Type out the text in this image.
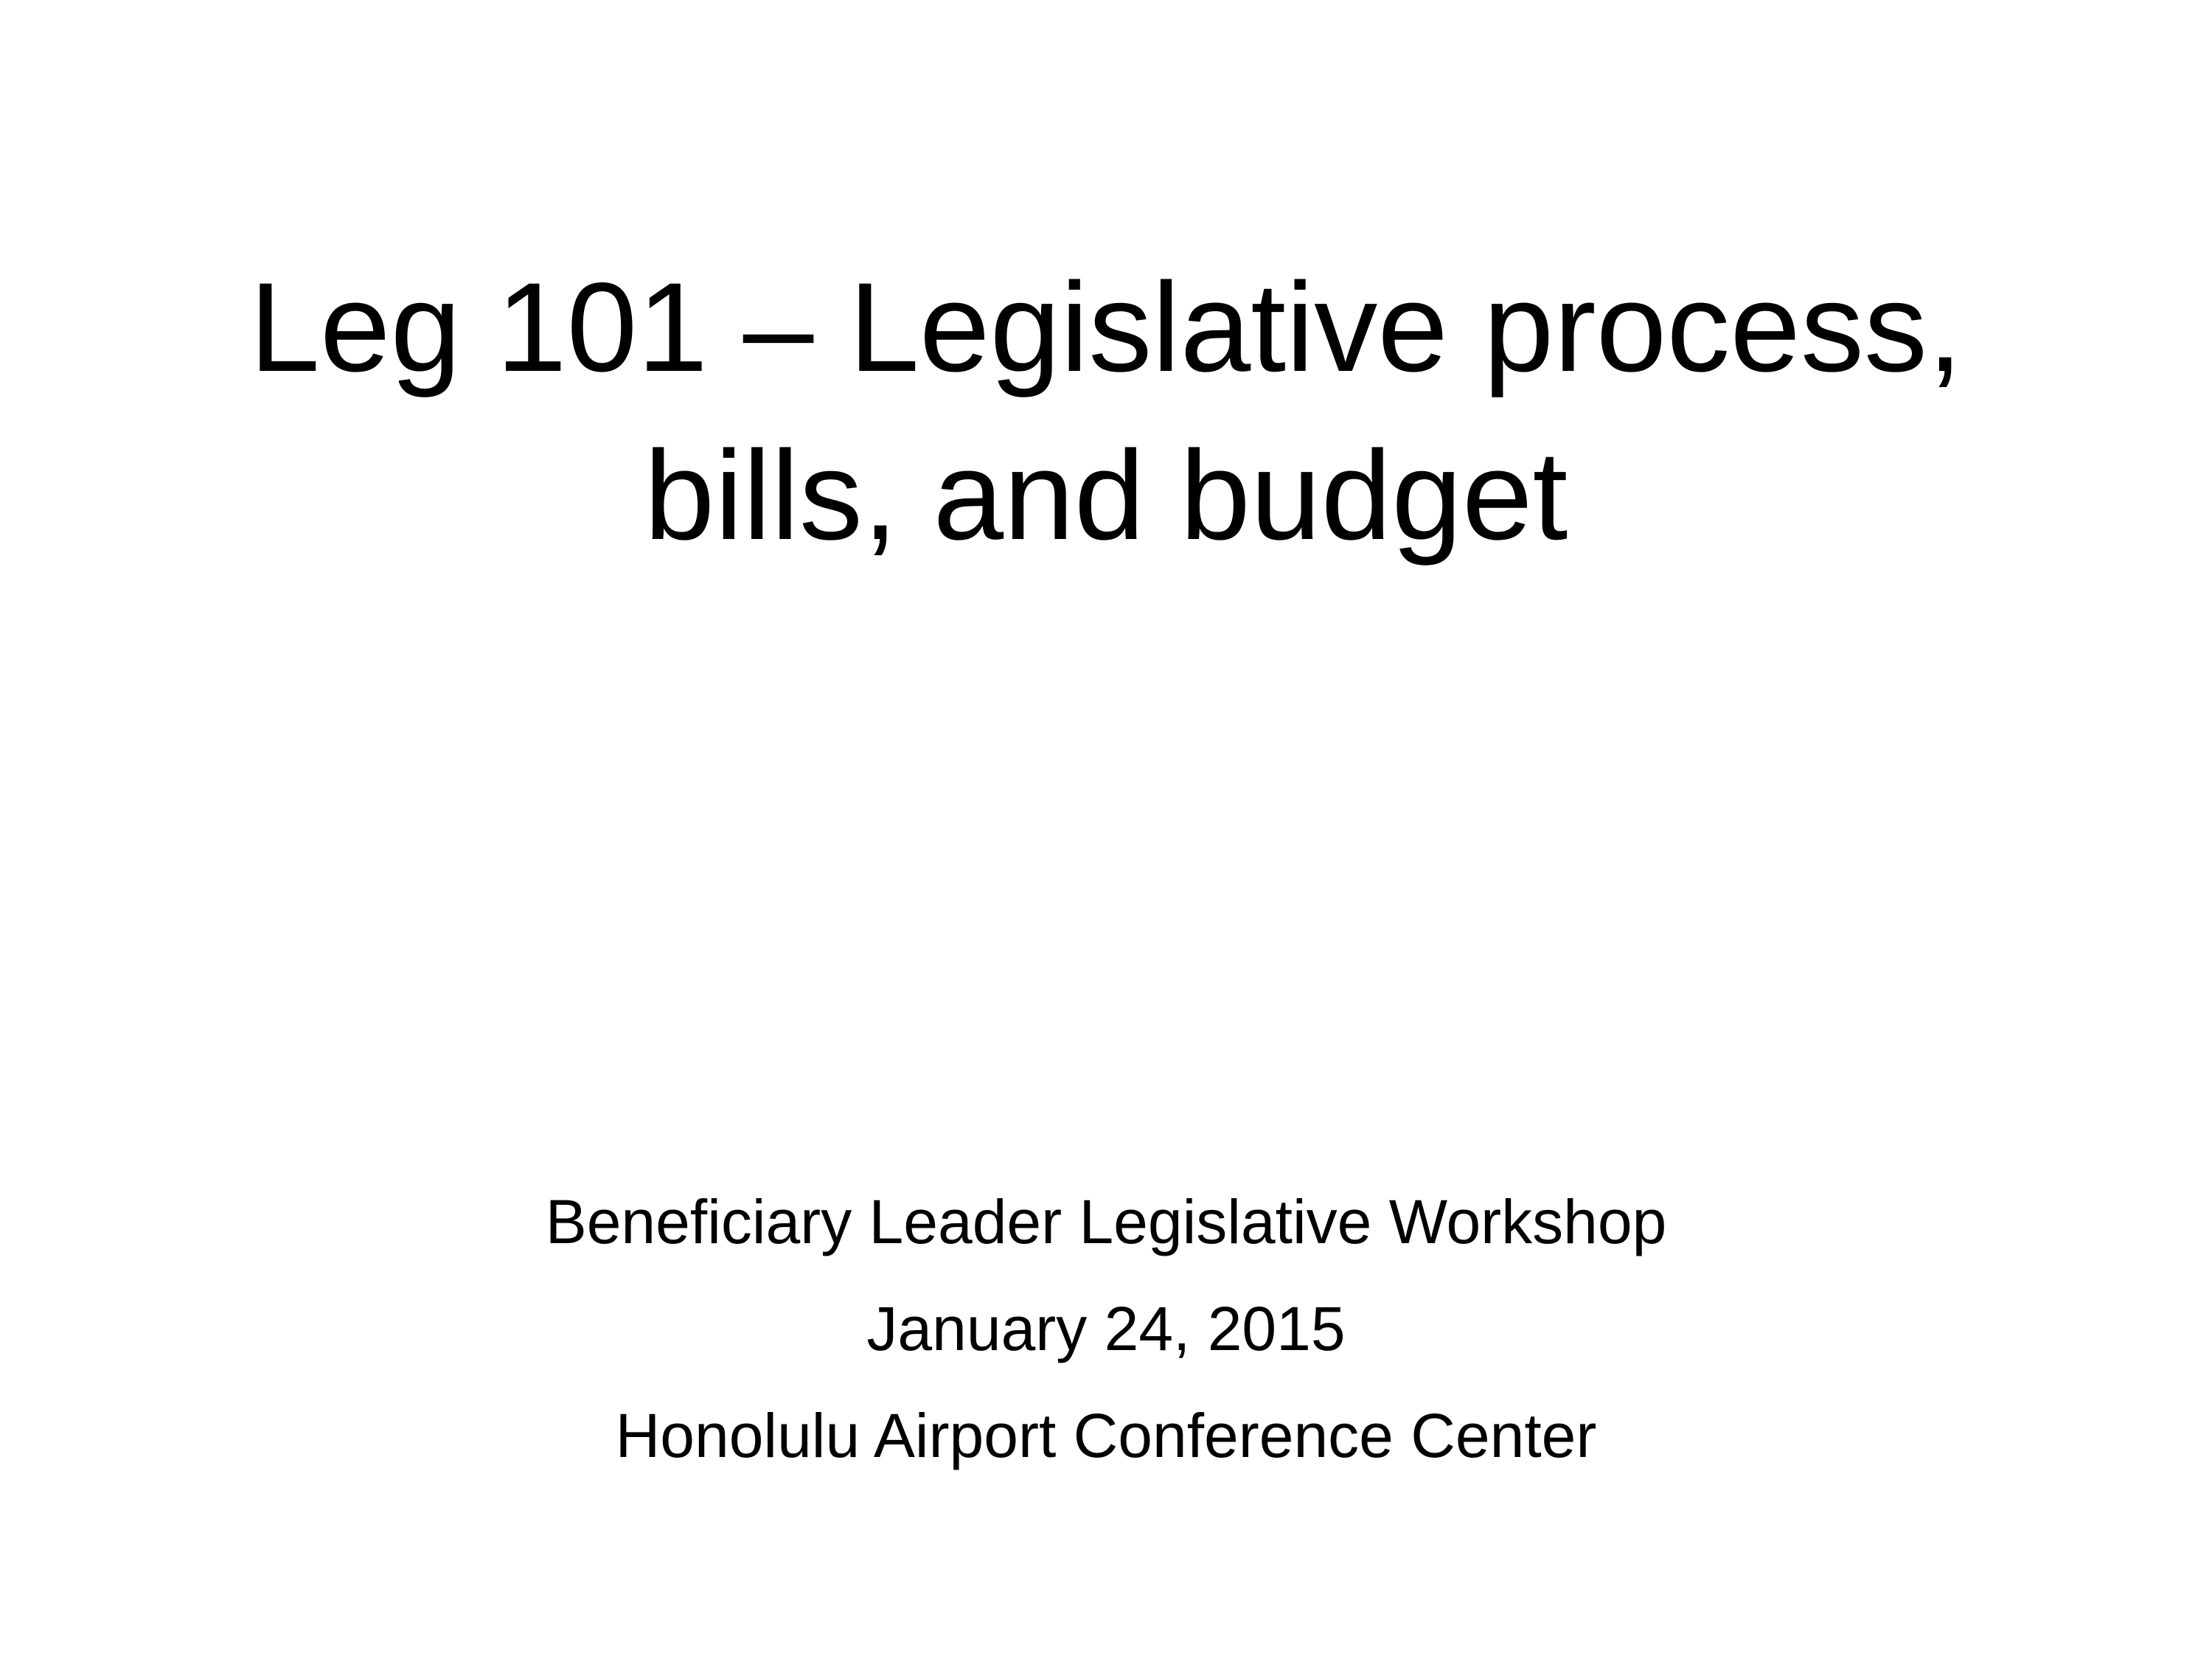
Leg 101 – Legislative process,
bills, and budget
Beneficiary Leader Legislative Workshop
January 24, 2015
Honolulu Airport Conference Center
